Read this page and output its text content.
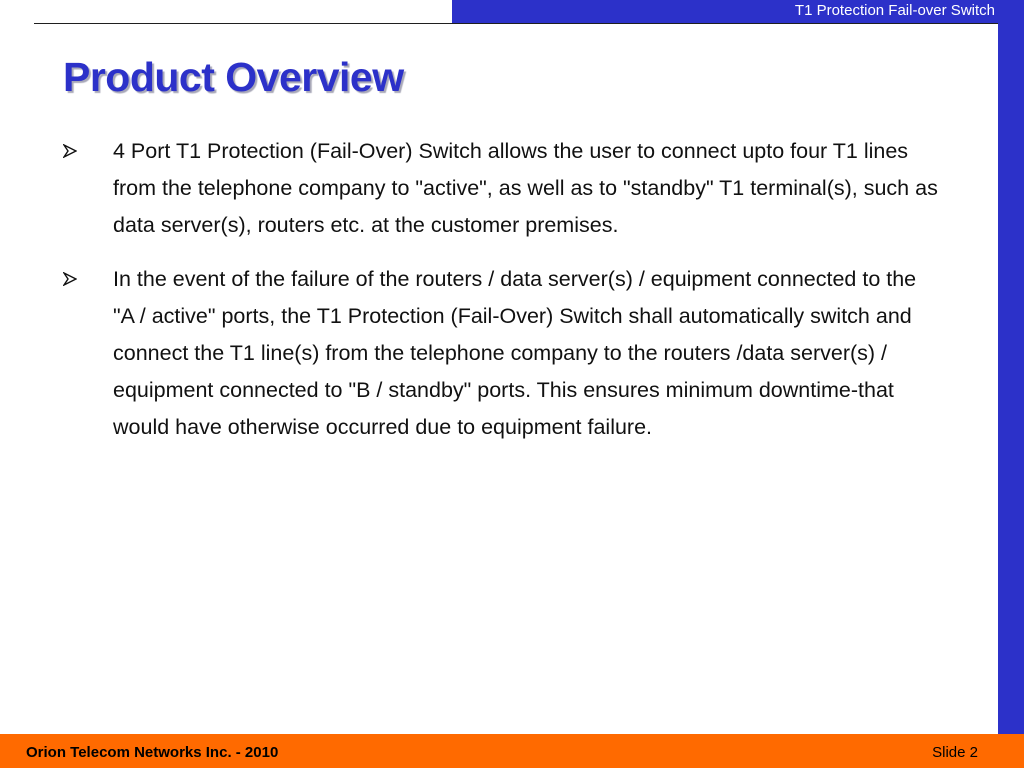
T1 Protection Fail-over Switch
Product Overview
4 Port T1 Protection (Fail-Over) Switch allows the user to connect upto four T1 lines from the telephone company to "active", as well as to "standby" T1 terminal(s), such as data server(s), routers etc. at the customer premises.
In the event of the failure of the routers / data server(s) / equipment connected to the "A / active" ports, the T1 Protection (Fail-Over) Switch shall automatically switch and connect the T1 line(s) from the telephone company to the routers /data server(s) / equipment connected to "B / standby" ports. This ensures minimum downtime-that would have otherwise occurred due to equipment failure.
Orion Telecom Networks Inc. - 2010	Slide 2
